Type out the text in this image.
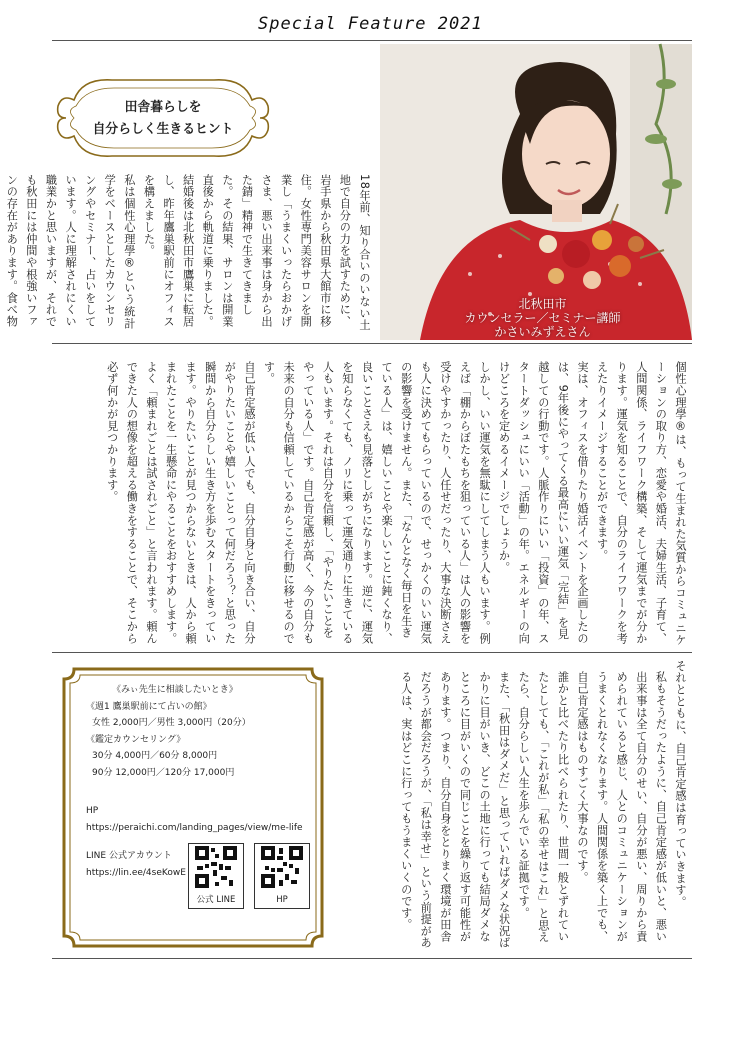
Special Feature 2021
田舎暮らしを
自分らしく生きるヒント

18年前、知り合いのいない土地で自分の力を試すために、岩手県から秋田県大館市に移住。女性専門美容サロンを開業し「うまくいったらおかげさま、悪い出来事は身から出た錆」精神で生きてきました。その結果、サロンは開業直後から軌道に乗りました。

結婚後は北秋田市鷹巣に転居し、昨年鷹巣駅前にオフィスを構えました。

私は個性心理學®という統計学をベースとしたカウンセリングやセミナー、占いをしています。人に理解されにくい職業かと思いますが、それでも秋田には仲間や根強いファンの存在があります。食べ物

北秋田市
カウンセラー／セミナー講師
かさいみずえさん

個性心理學®は、もって生まれた気質からコミュニケーションの取り方、恋愛や婚活、夫婦生活、子育て、人間関係、ライフワーク構築、そして運気までが分かります。運気を知ることで、自分のライフワークを考えたりイメージすることができます。

実は、オフィスを借りたり婚活イベントを企画したのは、9年後にやってくる最高にいい運気「完結」を見越しての行動です。人脈作りにいい「投資」の年、スタートダッシュにいい「活動」の年。エネルギーの向けどころを定めるイメージでしょうか。

しかし、いい運気を無駄にしてしまう人もいます。例えば「棚からぼたもちを狙っている人」は人の影響を受けやすかったり、人任せだったり、大事な決断さえも人に決めてもらっているので、せっかくのいい運気の影響を受けません。また、「なんとなく毎日を生きている人」は、嬉しいことや楽しいことに鈍くなり、良いことさえも見落としがちになります。逆に、運気を知らなくても、ノリに乗って運気通りに生きている人もいます。それは自分を信頼し、「やりたいことをやっている人」です。自己肯定感が高く、今の自分も未来の自分も信頼しているからこそ行動に移せるのです。

自己肯定感が低い人でも、自分自身と向き合い、自分がやりたいことや嬉しいことって何だろう？と思った瞬間から自分らしい生き方を歩むスタートをきっています。やりたいことが見つからないときは、人から頼まれたことを一生懸命にやることをおすすめします。よく「頼まれごとは試されごと」と言われます。頼んできた人の想像を超える働きをすることで、そこから必ず何かが見つかります。

それとともに、自己肯定感は育っていきます。

私もそうだったように、自己肯定感が低いと、悪い出来事は全て自分のせい、自分が悪い、周りから責められていると感じ、人とのコミュニケーションがうまくとれなくなります。人間関係を築く上でも、自己肯定感はものすごく大事なのです。

誰かと比べたり比べられたり、世間一般とずれていたとしても、「これが私」「私の幸せはこれ」と思えたら、自分らしい人生を歩んでいる証拠です。

また、「秋田はダメだ」と思っていればダメな状況ばかりに目がいき、どこの土地に行っても結局ダメなところに目がいくので同じことを繰り返す可能性があります。つまり、自分自身をとりまく環境が田舎だろうが都会だろうが、「私は幸せ」という前提がある人は、実はどこに行ってもうまくいくのです。

《みぃ先生に相談したいとき》
《週1 鷹巣駅前にて占いの館》
女性 2,000円／男性 3,000円（20分）
《鑑定カウンセリング》
30分 4,000円／60分 8,000円
90分 12,000円／120分 17,000円
HP
https://peraichi.com/landing_pages/view/me-life
LINE 公式アカウント
https://lin.ee/4seKowE
公式 LINE	HP
